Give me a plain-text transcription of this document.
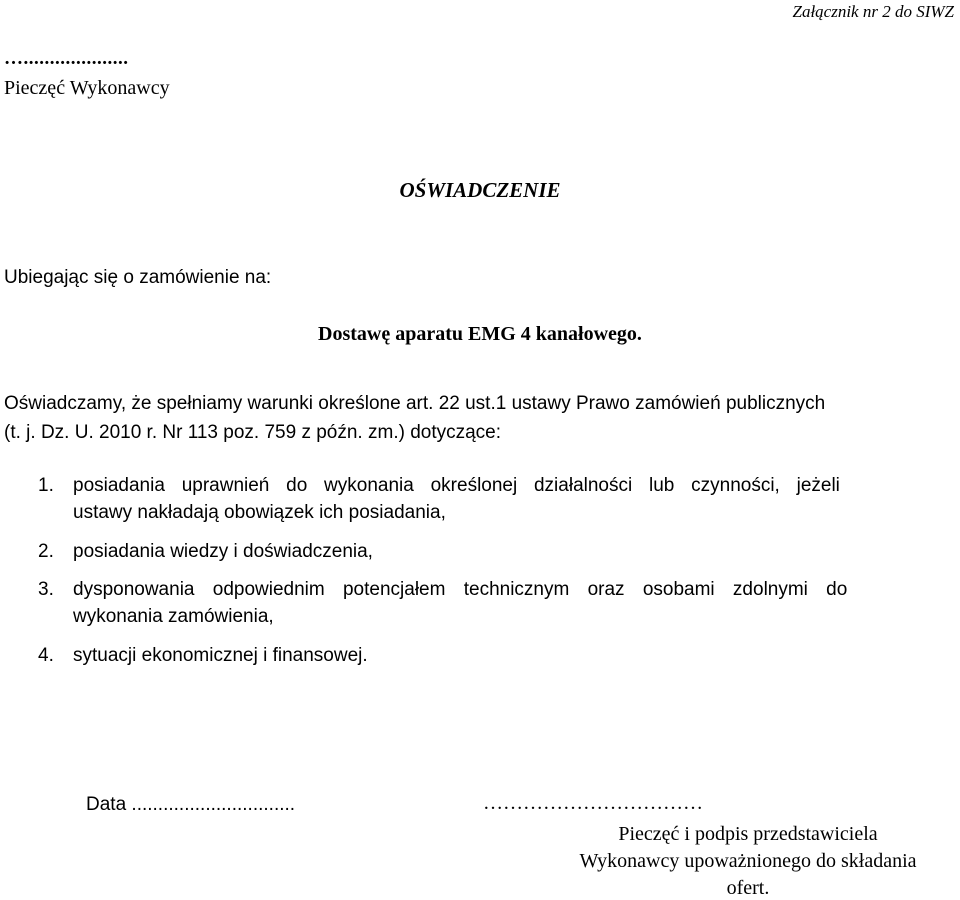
Załącznik nr 2 do SIWZ
…....................
Pieczęć Wykonawcy
OŚWIADCZENIE
Ubiegając się o zamówienie na:
Dostawę aparatu EMG 4 kanałowego.
Oświadczamy, że spełniamy warunki określone art. 22 ust.1 ustawy Prawo zamówień publicznych
(t. j. Dz. U. 2010 r. Nr 113 poz. 759 z późn. zm.) dotyczące:
1. posiadania uprawnień do wykonania określonej działalności lub czynności, jeżeli
ustawy nakładają obowiązek ich posiadania,
2. posiadania wiedzy i doświadczenia,
3. dysponowania odpowiednim potencjałem technicznym oraz osobami zdolnymi do
wykonania zamówienia,
4. sytuacji ekonomicznej i finansowej.
Data ...............................	……………………………
Pieczęć i podpis przedstawiciela
Wykonawcy upoważnionego do składania
ofert.
